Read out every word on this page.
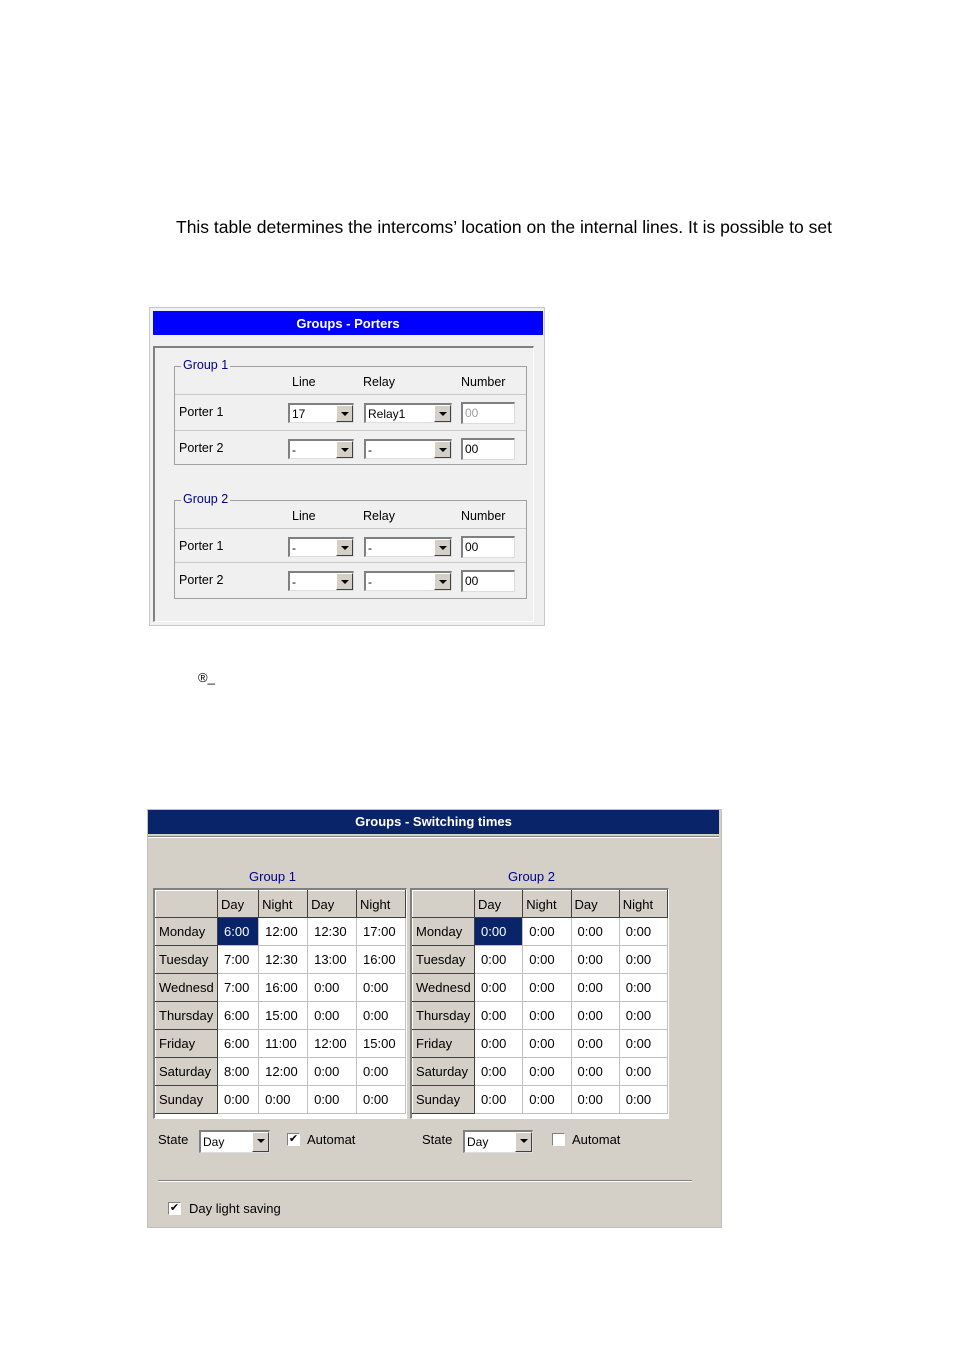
This table determines the intercoms’ location on the internal lines. It is possible to set
Groups - Porters
Group 1
Line	Relay	Number
Porter 1	17	Relay1	00
Porter 2	-	-	00
Group 2
Line	Relay	Number
Porter 1	-	-	00
Porter 2	-	-	00
®_
Groups - Switching times
Group 1	Group 2
	Day	Night	Day	Night
Monday	6:00	12:00	12:30	17:00
Tuesday	7:00	12:30	13:00	16:00
Wednesd	7:00	16:00	0:00	0:00
Thursday	6:00	15:00	0:00	0:00
Friday	6:00	11:00	12:00	15:00
Saturday	8:00	12:00	0:00	0:00
Sunday	0:00	0:00	0:00	0:00
	Day	Night	Day	Night
Monday	0:00	0:00	0:00	0:00
Tuesday	0:00	0:00	0:00	0:00
Wednesd	0:00	0:00	0:00	0:00
Thursday	0:00	0:00	0:00	0:00
Friday	0:00	0:00	0:00	0:00
Saturday	0:00	0:00	0:00	0:00
Sunday	0:00	0:00	0:00	0:00
State Day	✔ Automat	State Day	Automat
✔ Day light saving
